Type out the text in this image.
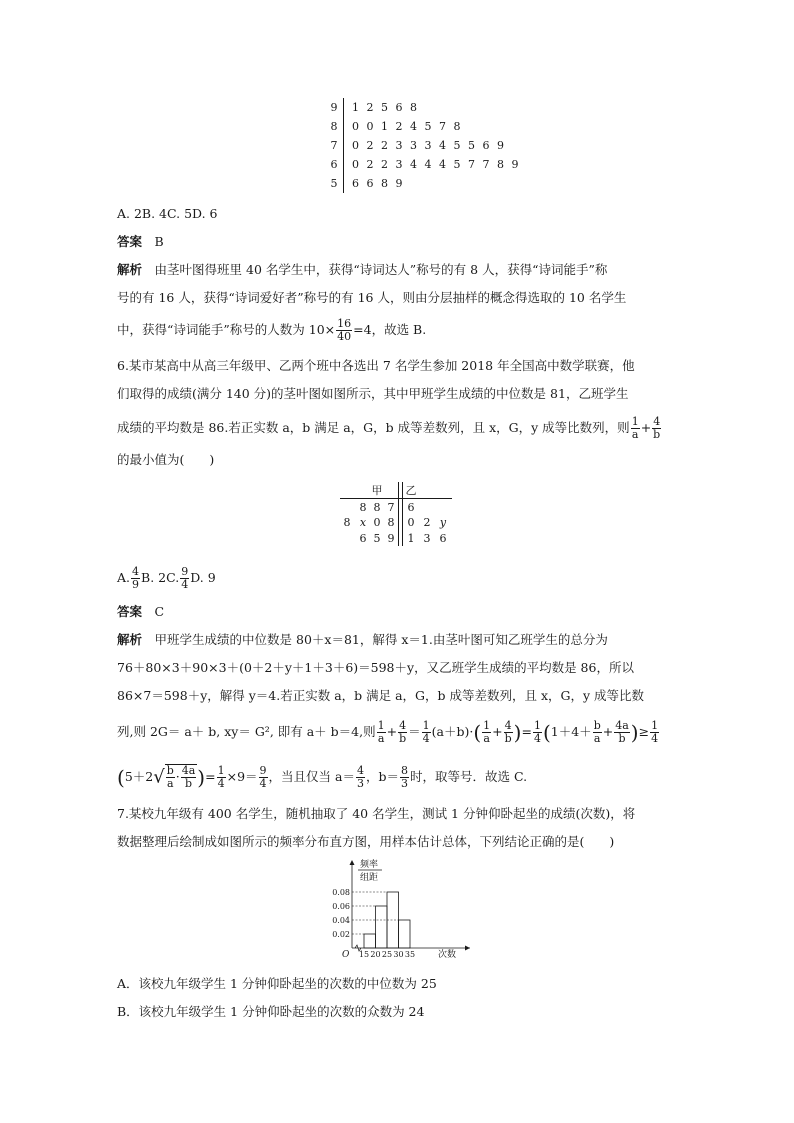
9 1 2 5 6 8
8 0 0 1 2 4 5 7 8
7 0 2 2 3 3 3 4 5 5 6 9
6 0 2 2 3 4 4 4 5 7 7 8 9
5 6 6 8 9
A. 2B. 4C. 5D. 6
答案　 B
解析　 由茎叶图得班里 40 名学生中，获得“诗词达人”称号的有 8 人，获得“诗词能手”称
号的有 16 人，获得“诗词爱好者”称号的有 16 人，则由分层抽样的概念得选取的 10 名学生
中，获得“诗词能手”称号的人数为 $10\times \frac{16}{40} =4$，故选 B.
6.某市某高中从高三年级甲、乙两个班中各选出 7 名学生参加 2018 年全国高中数学联赛，他
们取得的成绩(满分 140 分)的茎叶图如图所示，其中甲班学生成绩的中位数是 81，乙班学生
成绩的平均数是 86.若正实数 a，b 满足 a，G，b 成等差数列，且 x，G，y 成等比数列，则 $\frac{1}{a} + \frac{4}{b}$
的最小值为(　　)
甲 乙
8 8 7	6
8 x 0 8	0 2 y
6 5 9	1 3 6
A. $\frac{4}{9} B$. 2C. $\frac{9}{4} D$. 9
答案　 C
解析　 甲班学生成绩的中位数是 80＋x＝81，解得 x＝1.由茎叶图可知乙班学生的总分为
76＋80×3＋90×3＋(0＋2＋y＋1＋3＋6)＝598＋y，又乙班学生成绩的平均数是 86，所以
86×7＝598＋y，解得 y＝4.若正实数 a，b 满足 a，G，b 成等差数列，且 x，G，y 成等比数
列,则 2G＝ a＋ b, xy＝ G², 即有 a＋ b＝4,则 $\frac{1}{a} + \frac{4}{b} = \frac{1}{4} (a+b)\cdot( \frac{1}{a} + \frac{4}{b}$ )= $\frac{1}{4} (1+4+ \frac{b}{a} + \frac{4a}{b}$ )≥ $\frac{1}{4}$
($5+2√ \frac{b}{a} \cdot \frac{4a}{b}$ )= $\frac{1}{4} \times 9= \frac{9}{4}$ ，当且仅当 $a= \frac{4}{3}$ ，$b= \frac{8}{3}$ 时，取等号．故选 C.
7.某校九年级有 400 名学生，随机抽取了 40 名学生，测试 1 分钟仰卧起坐的成绩(次数)，将
数据整理后绘制成如图所示的频率分布直方图，用样本估计总体，下列结论正确的是(　　)
频率
组距
O	次数
15 20 25 30 35
0.02
0.04
0.06
0.08
A．该校九年级学生 1 分钟仰卧起坐的次数的中位数为 25
B．该校九年级学生 1 分钟仰卧起坐的次数的众数为 24
